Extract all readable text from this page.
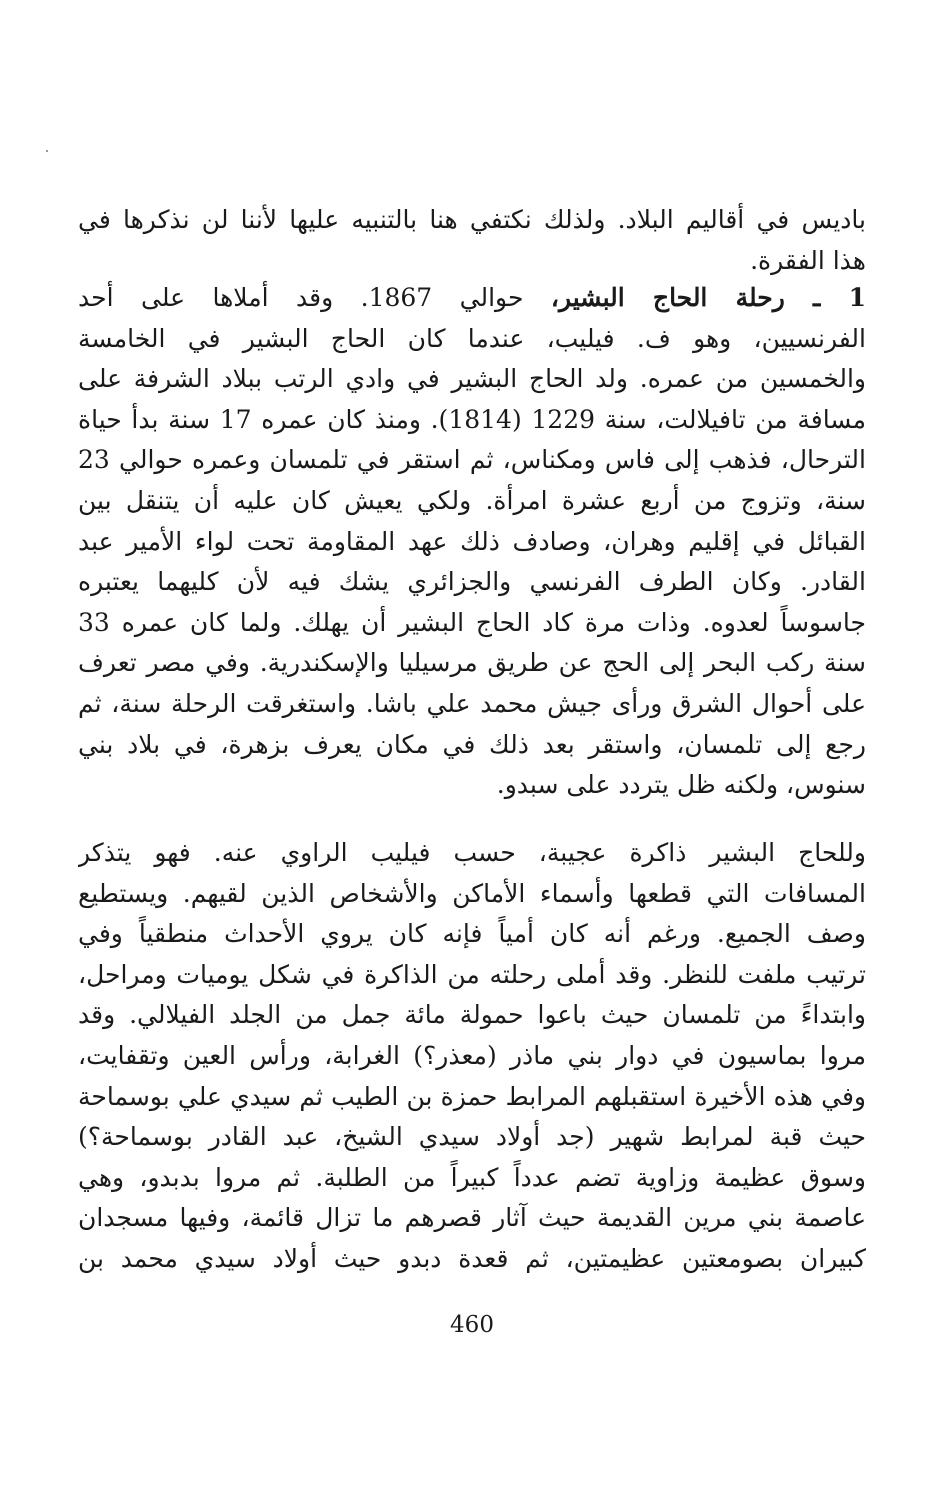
باديس في أقاليم البلاد. ولذلك نكتفي هنا بالتنبيه عليها لأننا لن نذكرها في
هذا الفقرة.
1 ـ رحلة الحاج البشير، حوالي 1867. وقد أملاها على أحد
الفرنسيين، وهو ف. فيليب، عندما كان الحاج البشير في الخامسة
والخمسين من عمره. ولد الحاج البشير في وادي الرتب ببلاد الشرفة على
مسافة من تافيلالت، سنة 1229 (1814). ومنذ كان عمره 17 سنة بدأ حياة
الترحال، فذهب إلى فاس ومكناس، ثم استقر في تلمسان وعمره حوالي 23
سنة، وتزوج من أربع عشرة امرأة. ولكي يعيش كان عليه أن يتنقل بين
القبائل في إقليم وهران، وصادف ذلك عهد المقاومة تحت لواء الأمير عبد
القادر. وكان الطرف الفرنسي والجزائري يشك فيه لأن كليهما يعتبره
جاسوساً لعدوه. وذات مرة كاد الحاج البشير أن يهلك. ولما كان عمره 33
سنة ركب البحر إلى الحج عن طريق مرسيليا والإسكندرية. وفي مصر تعرف
على أحوال الشرق ورأى جيش محمد علي باشا. واستغرقت الرحلة سنة، ثم
رجع إلى تلمسان، واستقر بعد ذلك في مكان يعرف بزهرة، في بلاد بني
سنوس، ولكنه ظل يتردد على سبدو.
وللحاج البشير ذاكرة عجيبة، حسب فيليب الراوي عنه. فهو يتذكر
المسافات التي قطعها وأسماء الأماكن والأشخاص الذين لقيهم. ويستطيع
وصف الجميع. ورغم أنه كان أمياً فإنه كان يروي الأحداث منطقياً وفي
ترتيب ملفت للنظر. وقد أملى رحلته من الذاكرة في شكل يوميات ومراحل،
وابتداءً من تلمسان حيث باعوا حمولة مائة جمل من الجلد الفيلالي. وقد
مروا بماسيون في دوار بني ماذر (معذر؟) الغرابة، ورأس العين وتقفايت،
وفي هذه الأخيرة استقبلهم المرابط حمزة بن الطيب ثم سيدي علي بوسماحة
حيث قبة لمرابط شهير (جد أولاد سيدي الشيخ، عبد القادر بوسماحة؟)
وسوق عظيمة وزاوية تضم عدداً كبيراً من الطلبة. ثم مروا بدبدو، وهي
عاصمة بني مرين القديمة حيث آثار قصرهم ما تزال قائمة، وفيها مسجدان
كبيران بصومعتين عظيمتين، ثم قعدة دبدو حيث أولاد سيدي محمد بن
460
